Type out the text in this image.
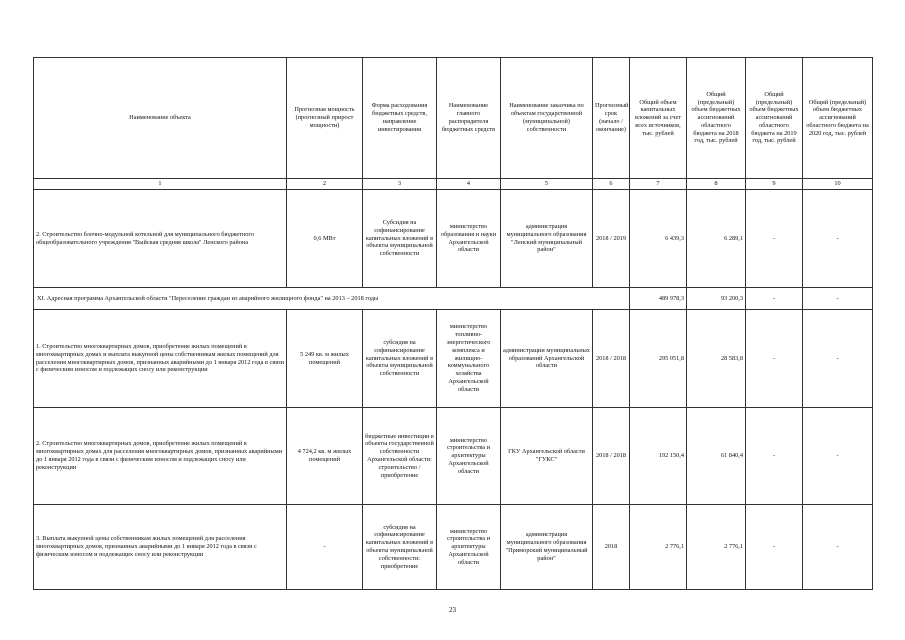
Наименование объекта	Прогнозная мощность (прогнозный прирост мощности)	Форма расходования бюджетных средств, направление инвестирования	Наименование главного распорядителя бюджетных средств	Наименование заказчика по объектам государственной (муниципальной) собственности	Прогнозный срок (начало / окончание)	Общий объем капитальных вложений за счет всех источников, тыс. рублей	Общий (предельный) объем бюджетных ассигнований областного бюджета на 2018 год, тыс. рублей	Общий (предельный) объем бюджетных ассигнований областного бюджета на 2019 год, тыс. рублей	Общий (предельный) объем бюджетных ассигнований областного бюджета на 2020 год, тыс. рублей
1	2	3	4	5	6	7	8	9	10
2. Строительство блочно-модульной котельной для муниципального бюджетного общеобразовательного учреждения "Выйская средняя школа" Ленского района	0,6 МВт	Субсидия на софинансирование капитальных вложений в объекты муниципальной собственности	министерство образования и науки Архангельской области	администрация муниципального образования "Ленский муниципальный район"	2018 / 2019	6 439,3	6 289,1	-	-
XI. Адресная программа Архангельской области "Переселение граждан из аварийного жилищного фонда" на 2013 – 2018 годы						489 978,3	93 200,3	-	-
1. Строительство многоквартирных домов, приобретение жилых помещений в многоквартирных домах и выплата выкупной цены собственникам жилых помещений для расселения многоквартирных домов, признанных аварийными до 1 января 2012 года в связи с физическим износом и подлежащих сносу или реконструкции	5 249 кв. м жилых помещений	субсидия на софинансирование капитальных вложений в объекты муниципальной собственности	министерство топливно-энергетического комплекса и жилищно-коммунального хозяйства Архангельской области	администрации муниципальных образований Архангельской области	2018 / 2018	295 051,8	28 583,8	-	-
2. Строительство многоквартирных домов, приобретение жилых помещений в многоквартирных домах для расселения многоквартирных домов, признанных аварийными до 1 января 2012 года в связи с физическим износом и подлежащих сносу или реконструкции	4 724,2 кв. м жилых помещений	бюджетные инвестиции в объекты государственной собственности Архангельской области: строительство / приобретение	министерство строительства и архитектуры Архангельской области	ГКУ Архангельской области "ГУКС"	2018 / 2018	192 150,4	61 840,4	-	-
3. Выплата выкупной цены собственникам жилых помещений для расселения многоквартирных домов, признанных аварийными до 1 января 2012 года в связи с физическим износом и подлежащих сносу или реконструкции	-	субсидия на софинансирование капитальных вложений в объекты муниципальной собственности: приобретение	министерство строительства и архитектуры Архангельской области	администрация муниципального образования "Приморский муниципальный район"	2018	2 776,1	2 776,1	-	-
23
